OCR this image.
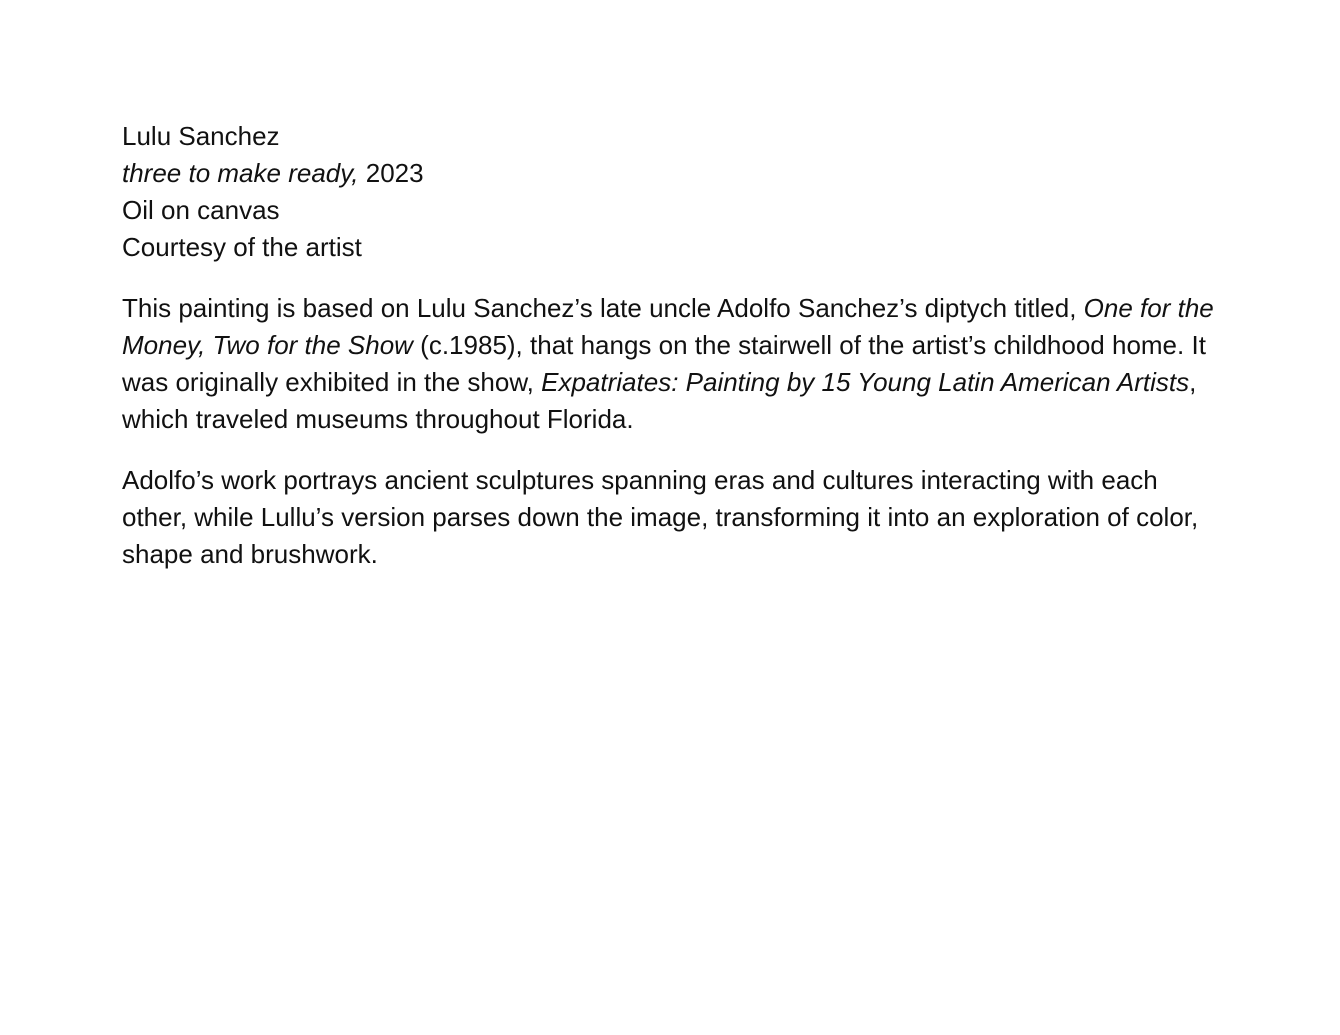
Lulu Sanchez
three to make ready, 2023
Oil on canvas
Courtesy of the artist

This painting is based on Lulu Sanchez’s late uncle Adolfo Sanchez’s diptych titled, One for the Money, Two for the Show (c.1985), that hangs on the stairwell of the artist’s childhood home. It was originally exhibited in the show, Expatriates: Painting by 15 Young Latin American Artists, which traveled museums throughout Florida.

Adolfo’s work portrays ancient sculptures spanning eras and cultures interacting with each other, while Lullu’s version parses down the image, transforming it into an exploration of color, shape and brushwork.
